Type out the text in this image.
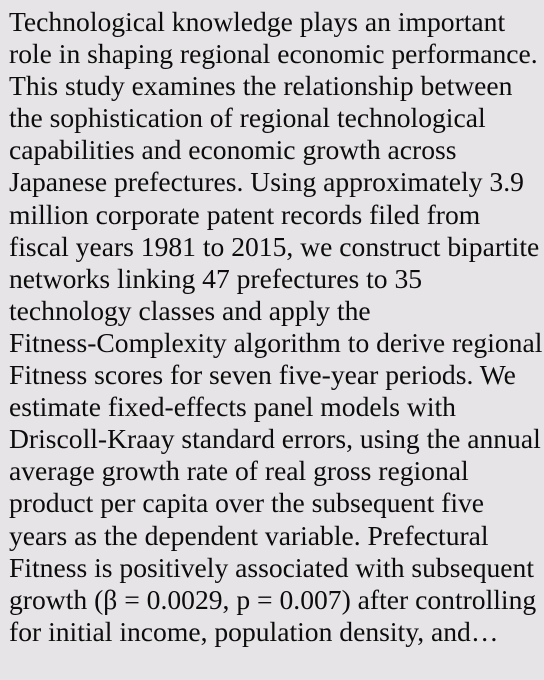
Technological knowledge plays an important
role in shaping regional economic performance.
This study examines the relationship between
the sophistication of regional technological
capabilities and economic growth across
Japanese prefectures. Using approximately 3.9
million corporate patent records filed from
fiscal years 1981 to 2015, we construct bipartite
networks linking 47 prefectures to 35
technology classes and apply the
Fitness-Complexity algorithm to derive regional
Fitness scores for seven five-year periods. We
estimate fixed-effects panel models with
Driscoll-Kraay standard errors, using the annual
average growth rate of real gross regional
product per capita over the subsequent five
years as the dependent variable. Prefectural
Fitness is positively associated with subsequent
growth (β = 0.0029, p = 0.007) after controlling
for initial income, population density, and…
